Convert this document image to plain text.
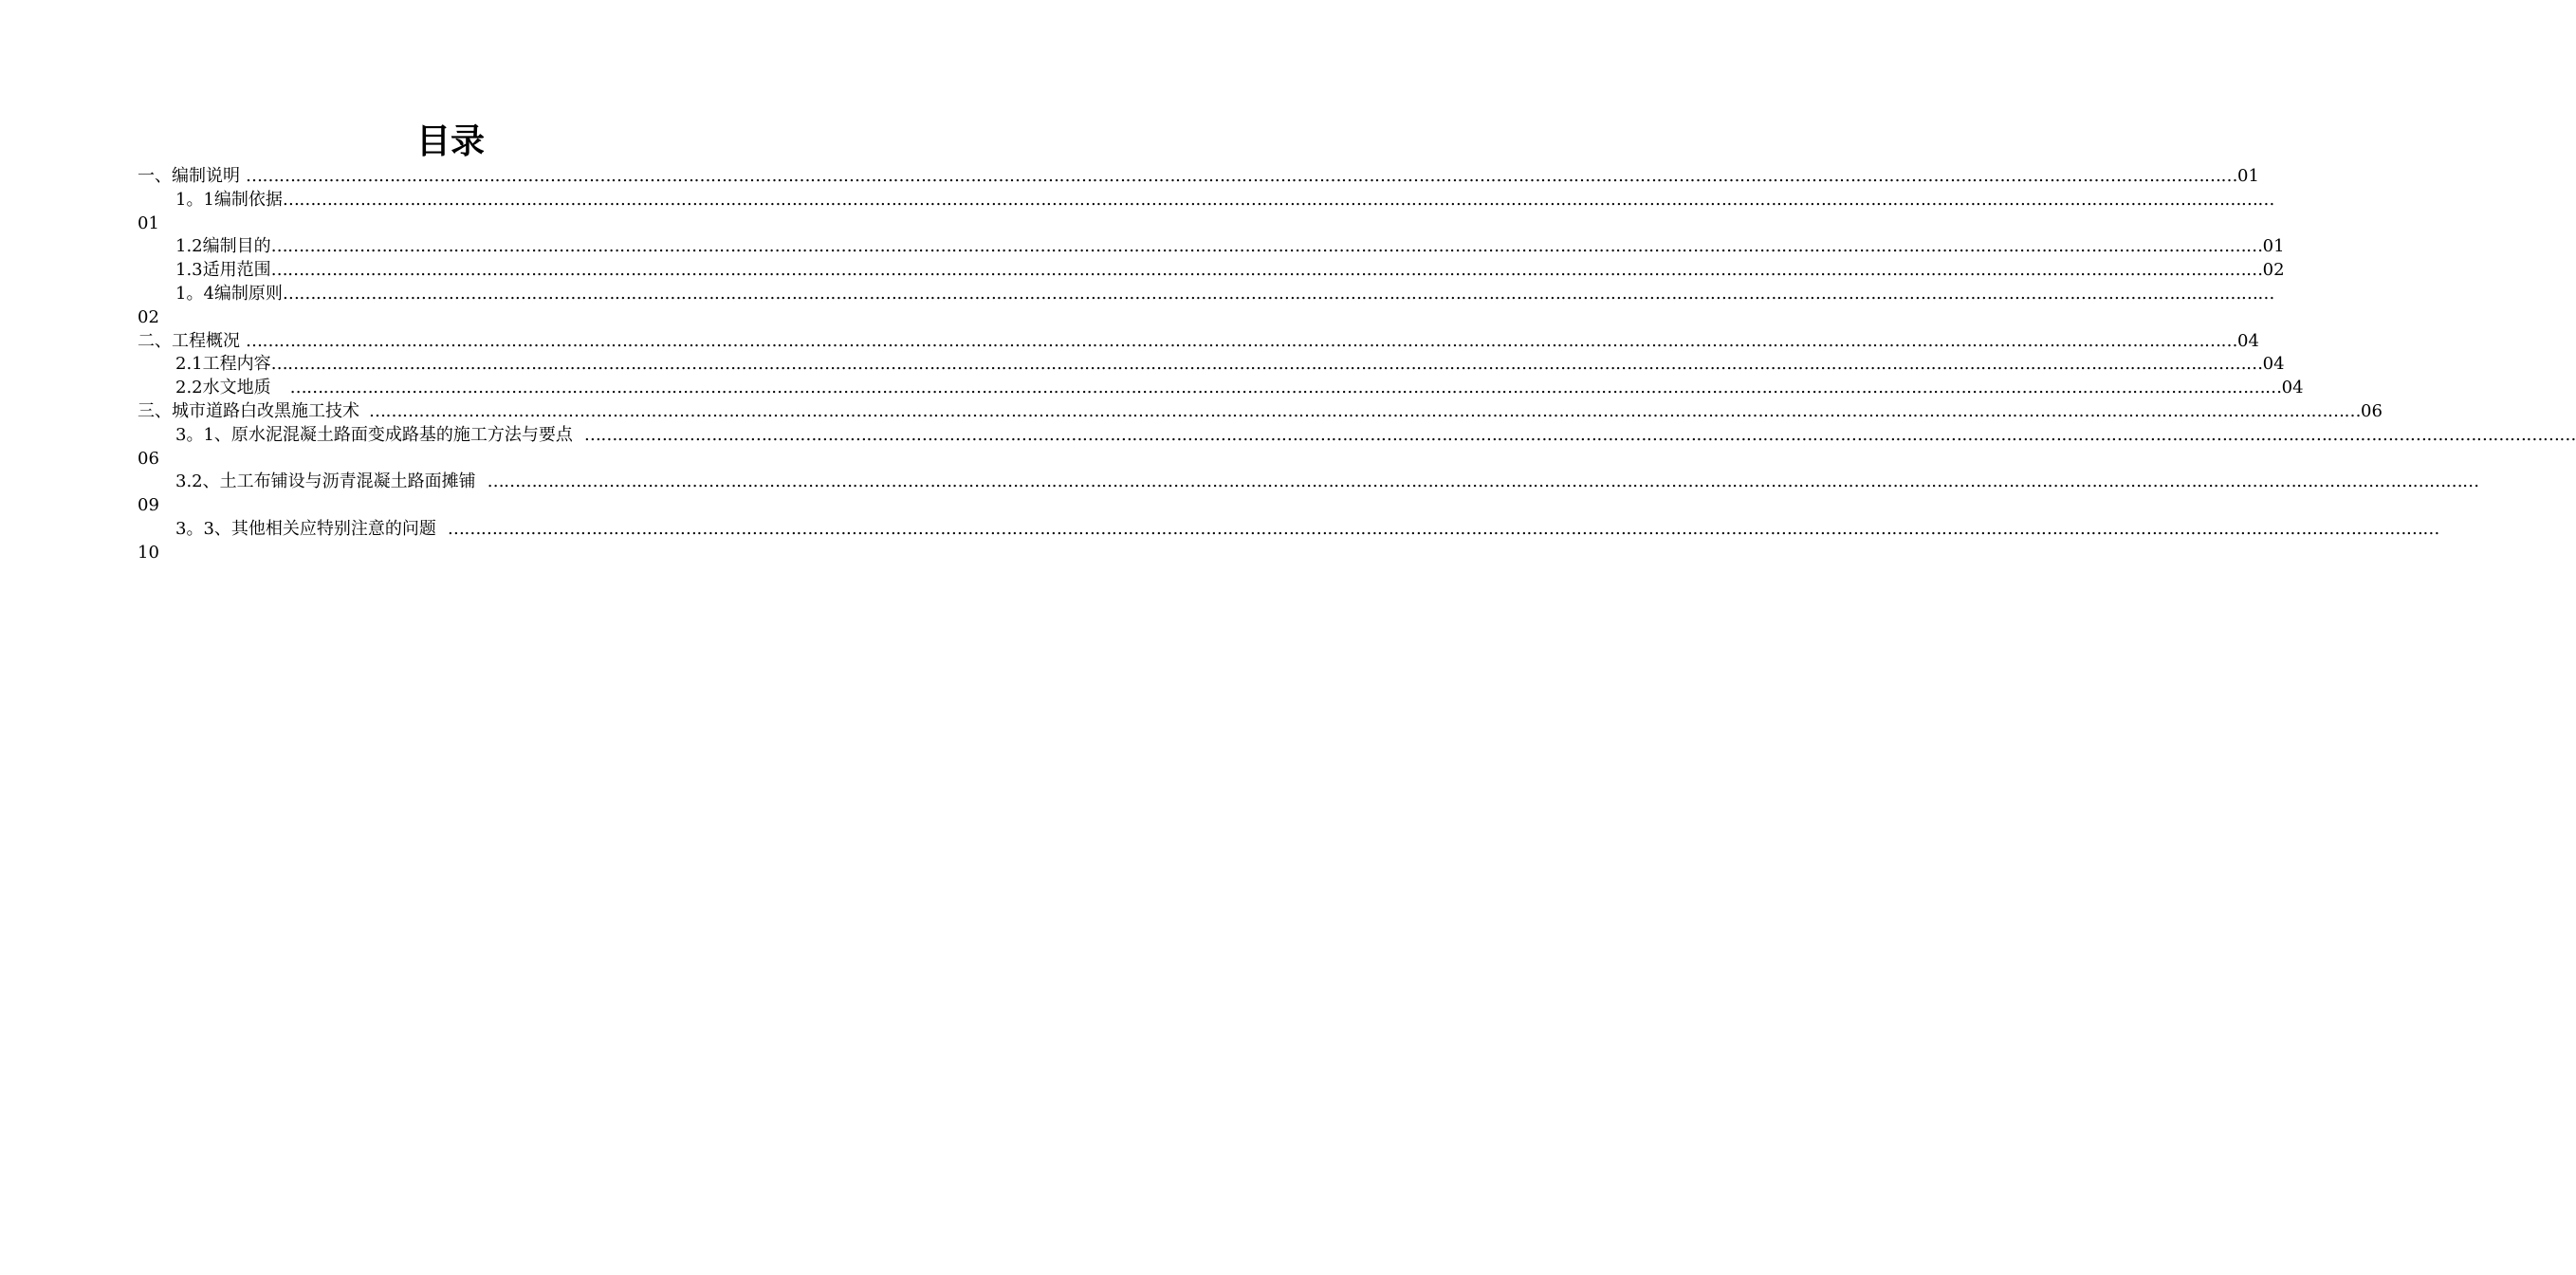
目录
一、编制说明 ……………………………………………………………………………………………………………………………………………………………………………………………………………………………………………………………………………………………………………………………… 01
1。1编制依据 ………………………………………………………………………………………………………………………………………………………………………………………………………………………………………………………………………………………………………………………………
01
1.2编制目的 ……………………………………………………………………………………………………………………………………………………………………………………………………………………………………………………………………………………………………………………………… 01
1.3适用范围 ……………………………………………………………………………………………………………………………………………………………………………………………………………………………………………………………………………………………………………………………… 02
1。4编制原则 ………………………………………………………………………………………………………………………………………………………………………………………………………………………………………………………………………………………………………………………………
02
二、工程概况 ……………………………………………………………………………………………………………………………………………………………………………………………………………………………………………………………………………………………………………………………… 04
2.1工程内容 ……………………………………………………………………………………………………………………………………………………………………………………………………………………………………………………………………………………………………………………………… 04
2.2水文地质 ……………………………………………………………………………………………………………………………………………………………………………………………………………………………………………………………………………………………………………………………… 04
三、城市道路白改黑施工技术 ……………………………………………………………………………………………………………………………………………………………………………………………………………………………………………………………………………………………………………………………… 06
3。1、原水泥混凝土路面变成路基的施工方法与要点 ………………………………………………………………………………………………………………………………………………………………………………………………………………………………………………………………………………………………………………………………
06
3.2、土工布铺设与沥青混凝土路面摊铺 ………………………………………………………………………………………………………………………………………………………………………………………………………………………………………………………………………………………………………………………………
09
3。3、其他相关应特别注意的问题 ………………………………………………………………………………………………………………………………………………………………………………………………………………………………………………………………………………………………………………………………
10
